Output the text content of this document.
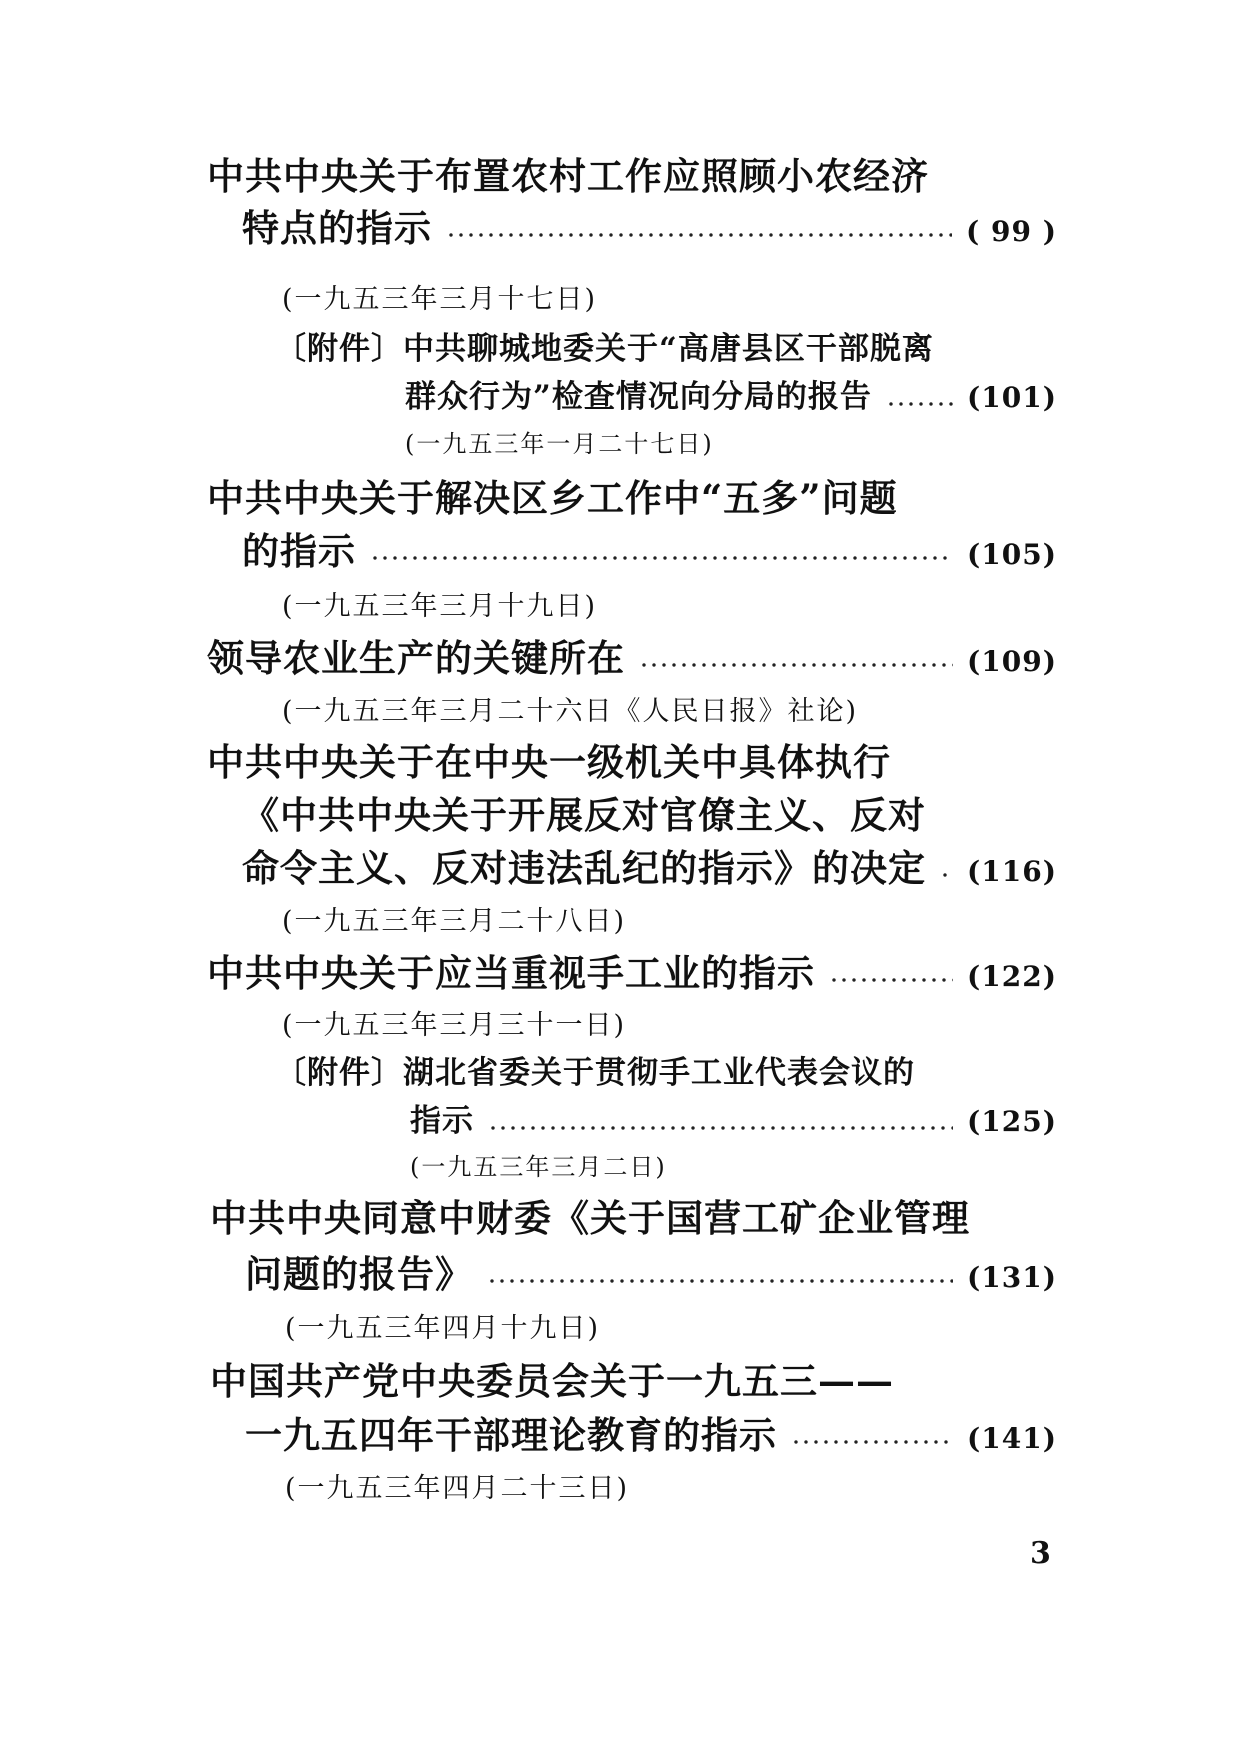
中共中央关于布置农村工作应照顾小农经济
特点的指示	( 99 )
(一九五三年三月十七日)
〔附件〕中共聊城地委关于“高唐县区干部脱离
群众行为”检查情况向分局的报告	(101)
(一九五三年一月二十七日)
中共中央关于解决区乡工作中“五多”问题
的指示	(105)
(一九五三年三月十九日)
领导农业生产的关键所在	(109)
(一九五三年三月二十六日《人民日报》社论)
中共中央关于在中央一级机关中具体执行
《中共中央关于开展反对官僚主义、反对
命令主义、反对违法乱纪的指示》的决定 (116)
(一九五三年三月二十八日)
中共中央关于应当重视手工业的指示	(122)
(一九五三年三月三十一日)
〔附件〕湖北省委关于贯彻手工业代表会议的
指示	(125)
(一九五三年三月二日)
中共中央同意中财委《关于国营工矿企业管理
问题的报告》	(131)
(一九五三年四月十九日)
中国共产党中央委员会关于一九五三——
一九五四年干部理论教育的指示	(141)
(一九五三年四月二十三日)
3
